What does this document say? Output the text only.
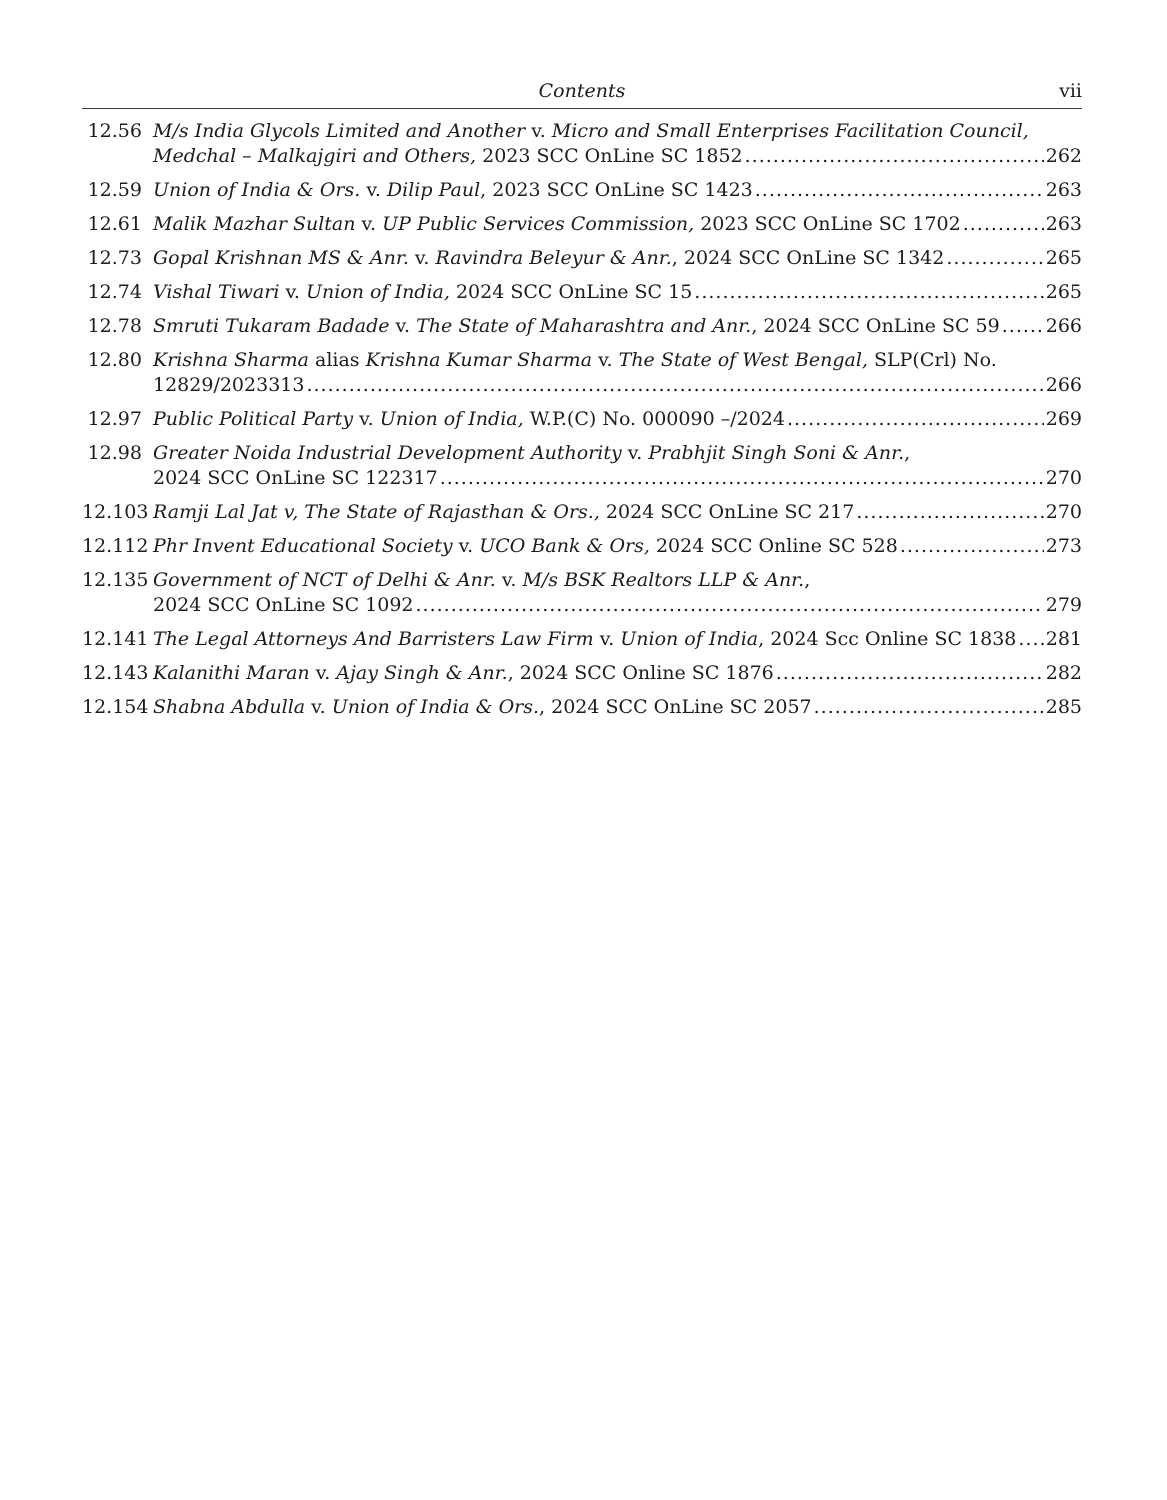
Contents	vii
12.56 M/s India Glycols Limited and Another v. Micro and Small Enterprises Facilitation Council,
Medchal – Malkajgiri and Others, 2023 SCC OnLine SC 1852 .....	262
12.59 Union of India & Ors. v. Dilip Paul, 2023 SCC OnLine SC 1423 .....	263
12.61 Malik Mazhar Sultan v. UP Public Services Commission, 2023 SCC OnLine SC 1702 .....	263
12.73 Gopal Krishnan MS & Anr. v. Ravindra Beleyur & Anr., 2024 SCC OnLine SC 1342 .....	265
12.74 Vishal Tiwari v. Union of India, 2024 SCC OnLine SC 15 .....	265
12.78 Smruti Tukaram Badade v. The State of Maharashtra and Anr., 2024 SCC OnLine SC 59 ..... 266
12.80 Krishna Sharma alias Krishna Kumar Sharma v. The State of West Bengal, SLP(Crl) No.
12829/2023313 .....	266
12.97 Public Political Party v. Union of India, W.P.(C) No. 000090 –/2024 .....	269
12.98 Greater Noida Industrial Development Authority v. Prabhjit Singh Soni & Anr.,
2024 SCC OnLine SC 122317 .....	270
12.103 Ramji Lal Jat v, The State of Rajasthan & Ors., 2024 SCC OnLine SC 217 .....	270
12.112 Phr Invent Educational Society v. UCO Bank & Ors, 2024 SCC Online SC 528 .....	273
12.135 Government of NCT of Delhi & Anr. v. M/s BSK Realtors LLP & Anr.,
2024 SCC OnLine SC 1092 .....	279
12.141 The Legal Attorneys And Barristers Law Firm v. Union of India, 2024 Scc Online SC 1838 ..... 281
12.143 Kalanithi Maran v. Ajay Singh & Anr., 2024 SCC Online SC 1876 .....	282
12.154 Shabna Abdulla v. Union of India & Ors., 2024 SCC OnLine SC 2057 .....	285
